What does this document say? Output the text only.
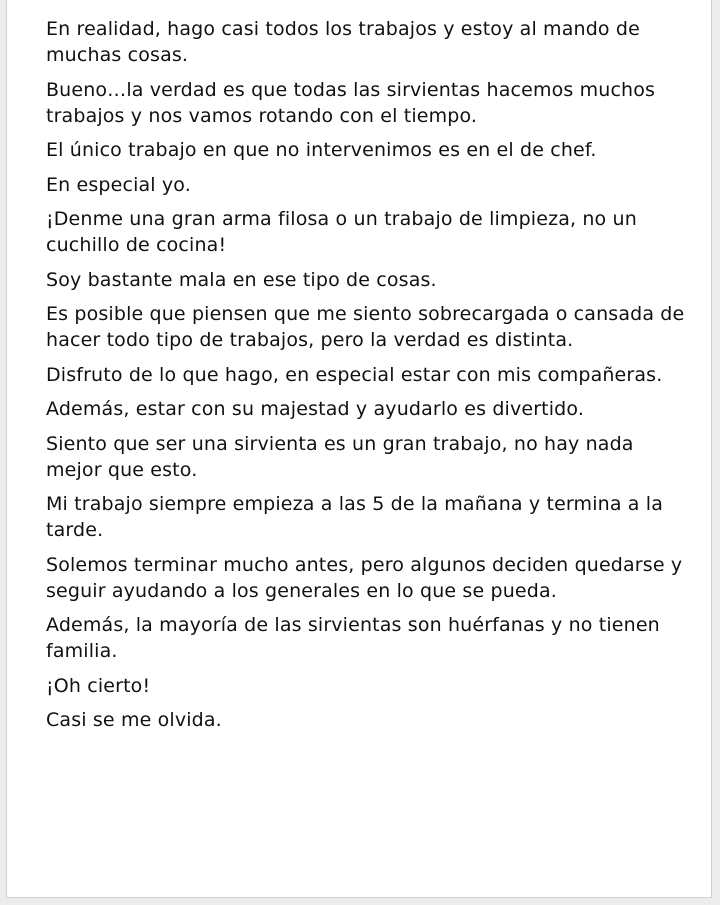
En realidad, hago casi todos los trabajos y estoy al mando de muchas cosas.

Bueno…la verdad es que todas las sirvientas hacemos muchos trabajos y nos vamos rotando con el tiempo.

El único trabajo en que no intervenimos es en el de chef.

En especial yo.

¡Denme una gran arma filosa o un trabajo de limpieza, no un cuchillo de cocina!

Soy bastante mala en ese tipo de cosas.

Es posible que piensen que me siento sobrecargada o cansada de hacer todo tipo de trabajos, pero la verdad es distinta.

Disfruto de lo que hago, en especial estar con mis compañeras.

Además, estar con su majestad y ayudarlo es divertido.

Siento que ser una sirvienta es un gran trabajo, no hay nada mejor que esto.

Mi trabajo siempre empieza a las 5 de la mañana y termina a la tarde.

Solemos terminar mucho antes, pero algunos deciden quedarse y seguir ayudando a los generales en lo que se pueda.

Además, la mayoría de las sirvientas son huérfanas y no tienen familia.

¡Oh cierto!

Casi se me olvida.
